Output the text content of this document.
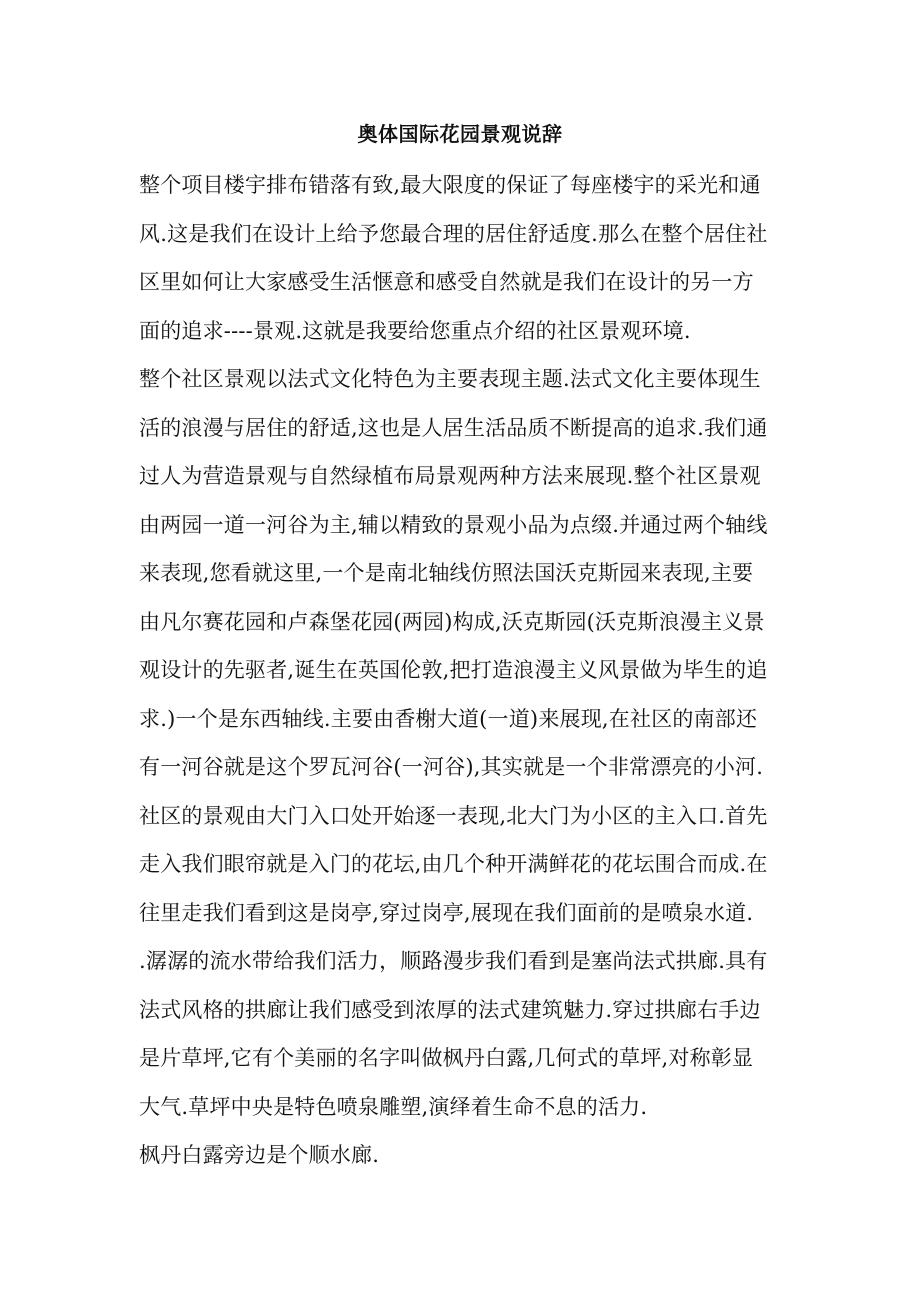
奥体国际花园景观说辞
整个项目楼宇排布错落有致,最大限度的保证了每座楼宇的采光和通
风.这是我们在设计上给予您最合理的居住舒适度.那么在整个居住社
区里如何让大家感受生活惬意和感受自然就是我们在设计的另一方
面的追求----景观.这就是我要给您重点介绍的社区景观环境.
整个社区景观以法式文化特色为主要表现主题.法式文化主要体现生
活的浪漫与居住的舒适,这也是人居生活品质不断提高的追求.我们通
过人为营造景观与自然绿植布局景观两种方法来展现.整个社区景观
由两园一道一河谷为主,辅以精致的景观小品为点缀.并通过两个轴线
来表现,您看就这里,一个是南北轴线仿照法国沃克斯园来表现,主要
由凡尔赛花园和卢森堡花园(两园)构成,沃克斯园(沃克斯浪漫主义景
观设计的先驱者,诞生在英国伦敦,把打造浪漫主义风景做为毕生的追
求.)一个是东西轴线.主要由香榭大道(一道)来展现,在社区的南部还
有一河谷就是这个罗瓦河谷(一河谷),其实就是一个非常漂亮的小河.
社区的景观由大门入口处开始逐一表现,北大门为小区的主入口.首先
走入我们眼帘就是入门的花坛,由几个种开满鲜花的花坛围合而成.在
往里走我们看到这是岗亭,穿过岗亭,展现在我们面前的是喷泉水道.
.潺潺的流水带给我们活力，顺路漫步我们看到是塞尚法式拱廊.具有
法式风格的拱廊让我们感受到浓厚的法式建筑魅力.穿过拱廊右手边
是片草坪,它有个美丽的名字叫做枫丹白露,几何式的草坪,对称彰显
大气.草坪中央是特色喷泉雕塑,演绎着生命不息的活力.
枫丹白露旁边是个顺水廊.
